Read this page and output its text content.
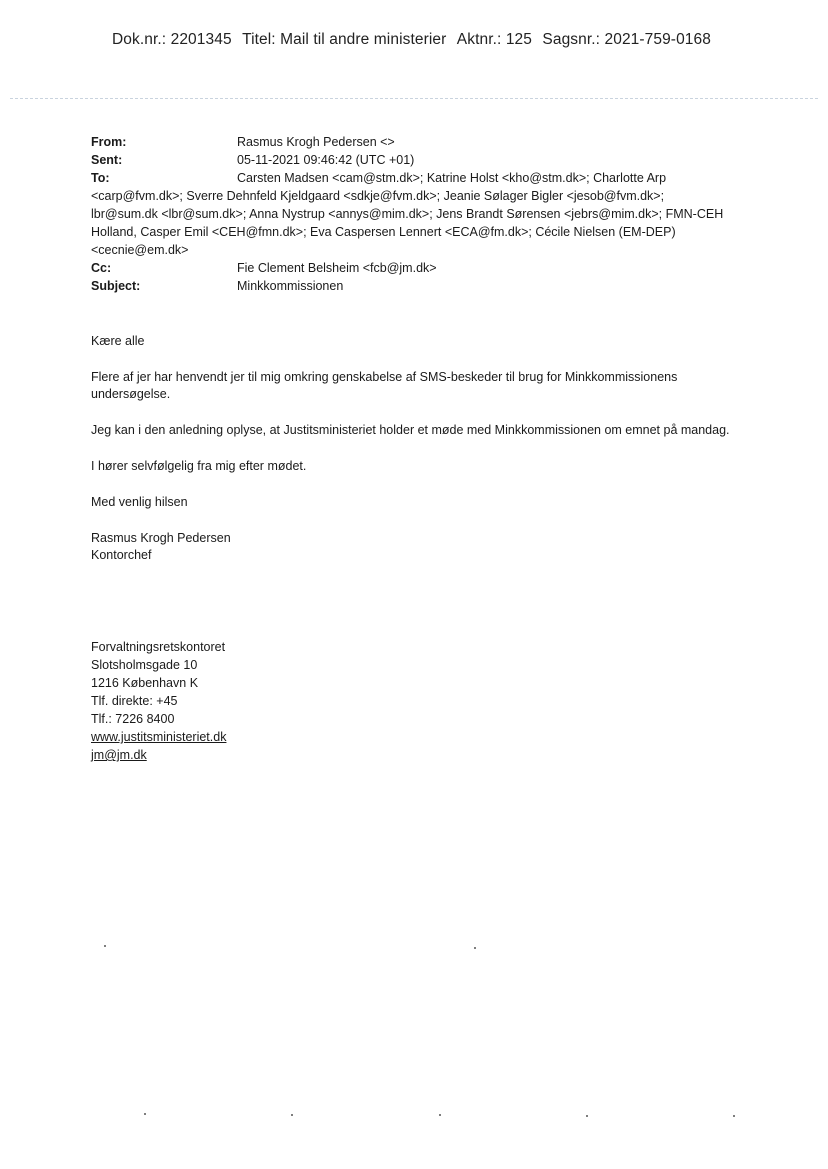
Dok.nr.: 2201345 Titel: Mail til andre ministerier Aktnr.: 125 Sagsnr.: 2021-759-0168
From:	Rasmus Krogh Pedersen <>
Sent:	05-11-2021 09:46:42 (UTC +01)

To:	Carsten Madsen <cam@stm.dk>; Katrine Holst <kho@stm.dk>; Charlotte Arp <carp@fvm.dk>; Sverre Dehnfeld Kjeldgaard <sdkje@fvm.dk>; Jeanie Sølager Bigler <jesob@fvm.dk>; lbr@sum.dk <lbr@sum.dk>; Anna Nystrup <annys@mim.dk>; Jens Brandt Sørensen <jebrs@mim.dk>; FMN-CEH Holland, Casper Emil <CEH@fmn.dk>; Eva Caspersen Lennert <ECA@fm.dk>; Cécile Nielsen (EM-DEP) <cecnie@em.dk>

Cc:	Fie Clement Belsheim <fcb@jm.dk>
Subject:	Minkkommissionen

Kære alle

Flere af jer har henvendt jer til mig omkring genskabelse af SMS-beskeder til brug for Minkkommissionens undersøgelse.

Jeg kan i den anledning oplyse, at Justitsministeriet holder et møde med Minkkommissionen om emnet på mandag.

I hører selvfølgelig fra mig efter mødet.

Med venlig hilsen

Rasmus Krogh Pedersen

Kontorchef

Forvaltningsretskontoret
Slotsholmsgade 10
1216 København K
Tlf. direkte: +45
Tlf.: 7226 8400
www.justitsministeriet.dk
jm@jm.dk
